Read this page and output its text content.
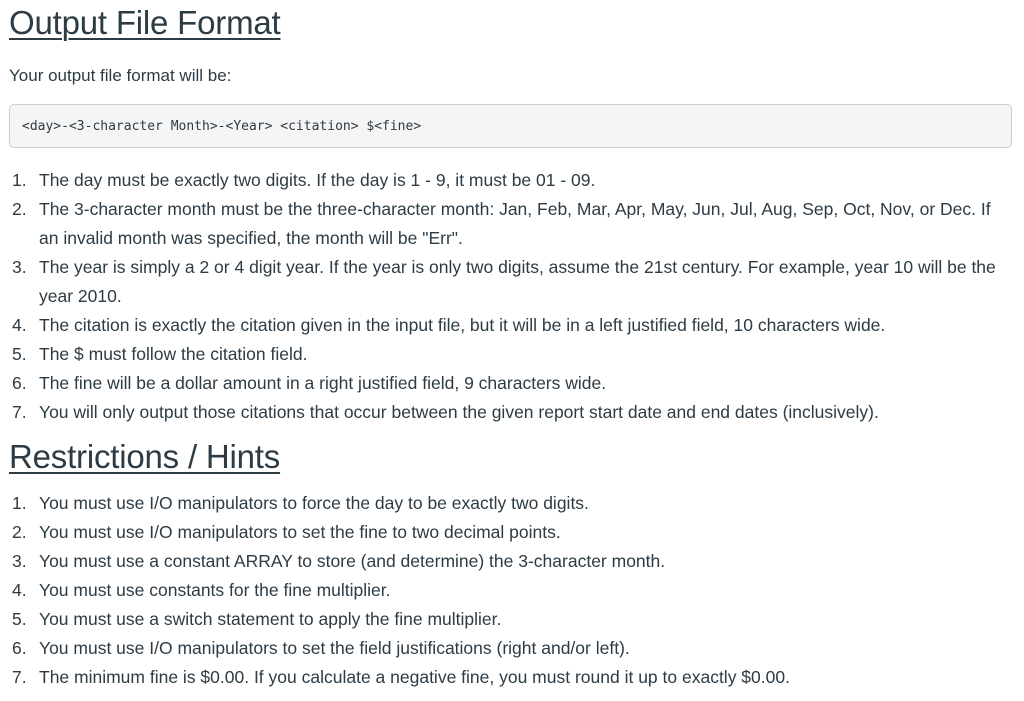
Output File Format

Your output file format will be:

<day>-<3-character Month>-<Year> <citation> $<fine>
1. The day must be exactly two digits. If the day is 1 - 9, it must be 01 - 09.
2. The 3-character month must be the three-character month: Jan, Feb, Mar, Apr, May, Jun, Jul, Aug, Sep, Oct, Nov, or Dec. If an invalid month was specified, the month will be "Err".
3. The year is simply a 2 or 4 digit year. If the year is only two digits, assume the 21st century. For example, year 10 will be the year 2010.
4. The citation is exactly the citation given in the input file, but it will be in a left justified field, 10 characters wide.
5. The $ must follow the citation field.
6. The fine will be a dollar amount in a right justified field, 9 characters wide.
7. You will only output those citations that occur between the given report start date and end dates (inclusively).
Restrictions / Hints
1. You must use I/O manipulators to force the day to be exactly two digits.
2. You must use I/O manipulators to set the fine to two decimal points.
3. You must use a constant ARRAY to store (and determine) the 3-character month.
4. You must use constants for the fine multiplier.
5. You must use a switch statement to apply the fine multiplier.
6. You must use I/O manipulators to set the field justifications (right and/or left).
7. The minimum fine is $0.00. If you calculate a negative fine, you must round it up to exactly $0.00.
